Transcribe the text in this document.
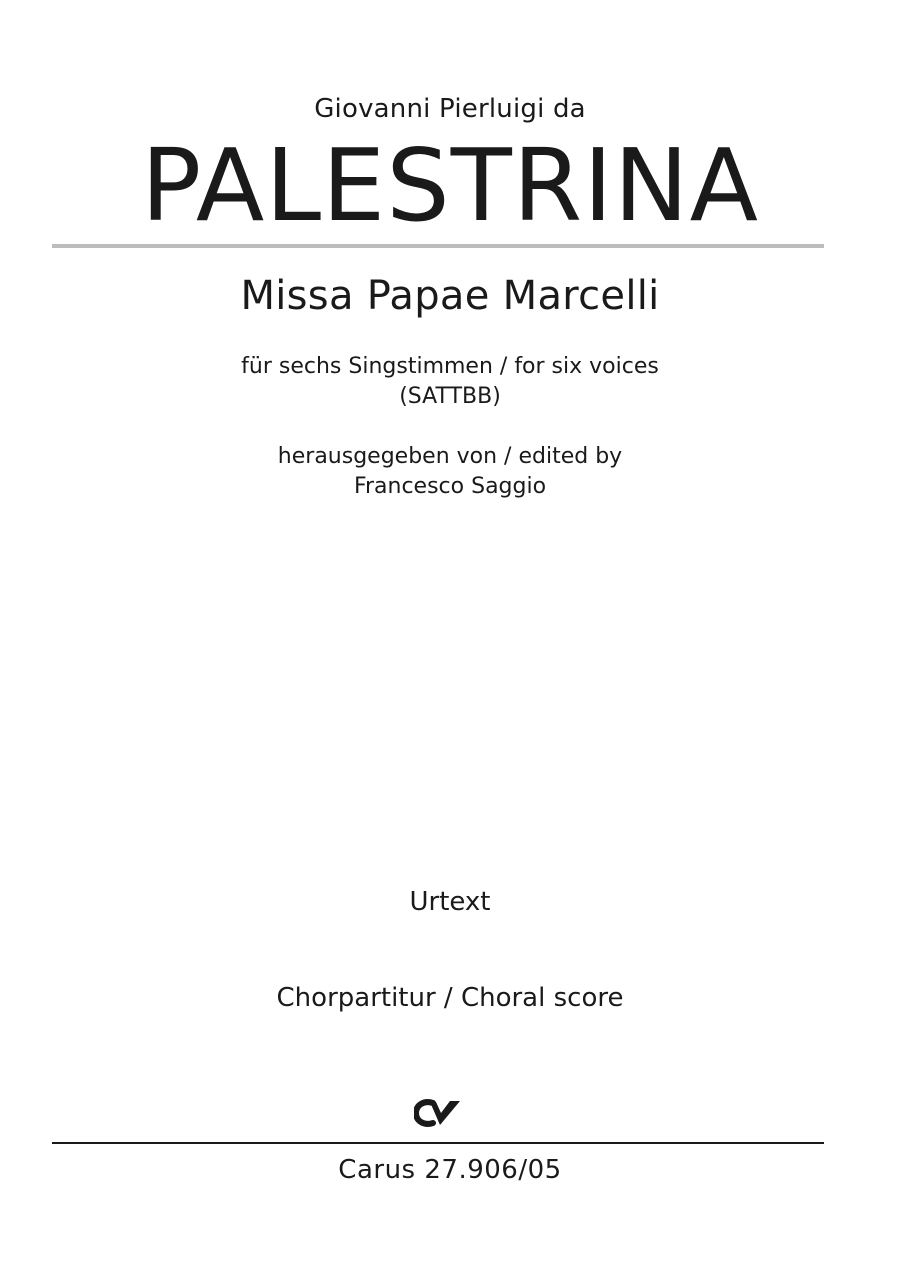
Giovanni Pierluigi da
PALESTRINA
Missa Papae Marcelli
für sechs Singstimmen / for six voices
(SATTBB)
herausgegeben von / edited by
Francesco Saggio
Urtext
Chorpartitur / Choral score
Carus 27.906/05
